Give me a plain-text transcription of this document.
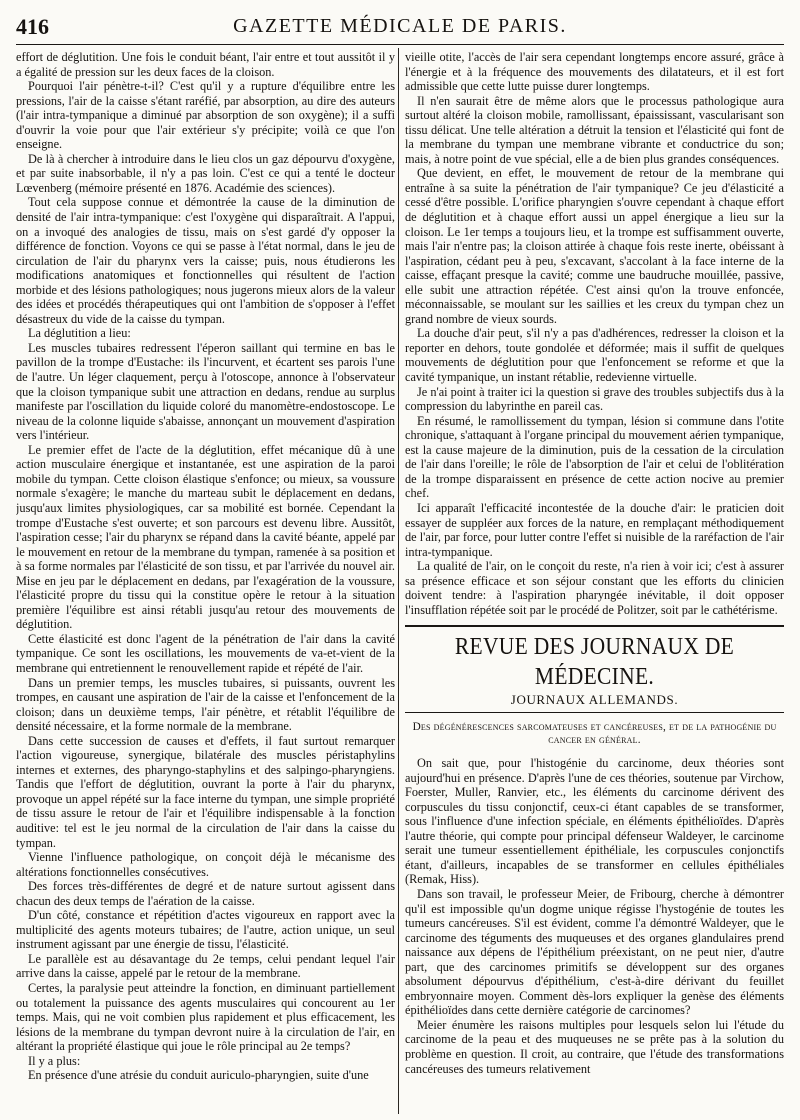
416	GAZETTE MÉDICALE DE PARIS.

effort de déglutition. Une fois le conduit béant, l'air entre et tout aussitôt il y a égalité de pression sur les deux faces de la cloison.

Pourquoi l'air pénètre-t-il? C'est qu'il y a rupture d'équilibre entre les pressions, l'air de la caisse s'étant raréfié, par absorption, au dire des auteurs (l'air intra-tympanique a diminué par absorption de son oxygène); il a suffi d'ouvrir la voie pour que l'air extérieur s'y précipite; voilà ce que l'on enseigne.

De là à chercher à introduire dans le lieu clos un gaz dépourvu d'oxygène, et par suite inabsorbable, il n'y a pas loin. C'est ce qui a tenté le docteur Lœvenberg (mémoire présenté en 1876. Académie des sciences).

Tout cela suppose connue et démontrée la cause de la diminution de densité de l'air intra-tympanique: c'est l'oxygène qui disparaîtrait. A l'appui, on a invoqué des analogies de tissu, mais on s'est gardé d'y opposer la différence de fonction. Voyons ce qui se passe à l'état normal, dans le jeu de circulation de l'air du pharynx vers la caisse; puis, nous étudierons les modifications anatomiques et fonctionnelles qui résultent de l'action morbide et des lésions pathologiques; nous jugerons mieux alors de la valeur des idées et procédés thérapeutiques qui ont l'ambition de s'opposer à l'effet désastreux du vide de la caisse du tympan.

La déglutition a lieu:

Les muscles tubaires redressent l'éperon saillant qui termine en bas le pavillon de la trompe d'Eustache: ils l'incurvent, et écartent ses parois l'une de l'autre. Un léger claquement, perçu à l'otoscope, annonce à l'observateur que la cloison tympanique subit une attraction en dedans, rendue au surplus manifeste par l'oscillation du liquide coloré du manomètre-endostoscope. Le niveau de la colonne liquide s'abaisse, annonçant un mouvement d'aspiration vers l'intérieur.

Le premier effet de l'acte de la déglutition, effet mécanique dû à une action musculaire énergique et instantanée, est une aspiration de la paroi mobile du tympan. Cette cloison élastique s'enfonce; ou mieux, sa voussure normale s'exagère; le manche du marteau subit le déplacement en dedans, jusqu'aux limites physiologiques, car sa mobilité est bornée. Cependant la trompe d'Eustache s'est ouverte; et son parcours est devenu libre. Aussitôt, l'aspiration cesse; l'air du pharynx se répand dans la cavité béante, appelé par le mouvement en retour de la membrane du tympan, ramenée à sa position et à sa forme normales par l'élasticité de son tissu, et par l'arrivée du nouvel air. Mise en jeu par le déplacement en dedans, par l'exagération de la voussure, l'élasticité propre du tissu qui la constitue opère le retour à la situation première l'équilibre est ainsi rétabli jusqu'au retour des mouvements de déglutition.

Cette élasticité est donc l'agent de la pénétration de l'air dans la cavité tympanique. Ce sont les oscillations, les mouvements de va-et-vient de la membrane qui entretiennent le renouvellement rapide et répété de l'air.

Dans un premier temps, les muscles tubaires, si puissants, ouvrent les trompes, en causant une aspiration de l'air de la caisse et l'enfoncement de la cloison; dans un deuxième temps, l'air pénètre, et rétablit l'équilibre de densité nécessaire, et la forme normale de la membrane.

Dans cette succession de causes et d'effets, il faut surtout remarquer l'action vigoureuse, synergique, bilatérale des muscles péristaphylins internes et externes, des pharyngo-staphylins et des salpingo-pharyngiens. Tandis que l'effort de déglutition, ouvrant la porte à l'air du pharynx, provoque un appel répété sur la face interne du tympan, une simple propriété de tissu assure le retour de l'air et l'équilibre indispensable à la fonction auditive: tel est le jeu normal de la circulation de l'air dans la caisse du tympan.

Vienne l'influence pathologique, on conçoit déjà le mécanisme des altérations fonctionnelles consécutives.

Des forces très-différentes de degré et de nature surtout agissent dans chacun des deux temps de l'aération de la caisse.

D'un côté, constance et répétition d'actes vigoureux en rapport avec la multiplicité des agents moteurs tubaires; de l'autre, action unique, un seul instrument agissant par une énergie de tissu, l'élasticité.

Le parallèle est au désavantage du 2e temps, celui pendant lequel l'air arrive dans la caisse, appelé par le retour de la membrane.

Certes, la paralysie peut atteindre la fonction, en diminuant partiellement ou totalement la puissance des agents musculaires qui concourent au 1er temps. Mais, qui ne voit combien plus rapidement et plus efficacement, les lésions de la membrane du tympan devront nuire à la circulation de l'air, en altérant la propriété élastique qui joue le rôle principal au 2e temps?

Il y a plus:

En présence d'une atrésie du conduit auriculo-pharyngien, suite d'une

vieille otite, l'accès de l'air sera cependant longtemps encore assuré, grâce à l'énergie et à la fréquence des mouvements des dilatateurs, et il est fort admissible que cette lutte puisse durer longtemps.

Il n'en saurait être de même alors que le processus pathologique aura surtout altéré la cloison mobile, ramollissant, épaississant, vascularisant son tissu délicat. Une telle altération a détruit la tension et l'élasticité qui font de la membrane du tympan une membrane vibrante et conductrice du son; mais, à notre point de vue spécial, elle a de bien plus grandes conséquences.

Que devient, en effet, le mouvement de retour de la membrane qui entraîne à sa suite la pénétration de l'air tympanique? Ce jeu d'élasticité a cessé d'être possible. L'orifice pharyngien s'ouvre cependant à chaque effort de déglutition et à chaque effort aussi un appel énergique a lieu sur la cloison. Le 1er temps a toujours lieu, et la trompe est suffisamment ouverte, mais l'air n'entre pas; la cloison attirée à chaque fois reste inerte, obéissant à l'aspiration, cédant peu à peu, s'excavant, s'accolant à la face interne de la caisse, effaçant presque la cavité; comme une baudruche mouillée, passive, elle subit une attraction répétée. C'est ainsi qu'on la trouve enfoncée, méconnaissable, se moulant sur les saillies et les creux du tympan chez un grand nombre de vieux sourds.

La douche d'air peut, s'il n'y a pas d'adhérences, redresser la cloison et la reporter en dehors, toute gondolée et déformée; mais il suffit de quelques mouvements de déglutition pour que l'enfoncement se reforme et que la cavité tympanique, un instant rétablie, redevienne virtuelle.

Je n'ai point à traiter ici la question si grave des troubles subjectifs dus à la compression du labyrinthe en pareil cas.

En résumé, le ramollissement du tympan, lésion si commune dans l'otite chronique, s'attaquant à l'organe principal du mouvement aérien tympanique, est la cause majeure de la diminution, puis de la cessation de la circulation de l'air dans l'oreille; le rôle de l'absorption de l'air et celui de l'oblitération de la trompe disparaissent en présence de cette action nocive au premier chef.

Ici apparaît l'efficacité incontestée de la douche d'air: le praticien doit essayer de suppléer aux forces de la nature, en remplaçant méthodiquement de l'air, par force, pour lutter contre l'effet si nuisible de la raréfaction de l'air intra-tympanique.

La qualité de l'air, on le conçoit du reste, n'a rien à voir ici; c'est à assurer sa présence efficace et son séjour constant que les efforts du clinicien doivent tendre: à l'aspiration pharyngée inévitable, il doit opposer l'insufflation répétée soit par le procédé de Politzer, soit par le cathétérisme.

REVUE DES JOURNAUX DE MÉDECINE.
JOURNAUX ALLEMANDS.
Des dégénérescences sarcomateuses et cancéreuses, et de la pathogénie du cancer en général.

On sait que, pour l'histogénie du carcinome, deux théories sont aujourd'hui en présence. D'après l'une de ces théories, soutenue par Virchow, Foerster, Muller, Ranvier, etc., les éléments du carcinome dérivent des corpuscules du tissu conjonctif, ceux-ci étant capables de se transformer, sous l'influence d'une infection spéciale, en éléments épithélioïdes. D'après l'autre théorie, qui compte pour principal défenseur Waldeyer, le carcinome serait une tumeur essentiellement épithéliale, les corpuscules conjonctifs étant, d'ailleurs, incapables de se transformer en cellules épithéliales (Remak, Hiss).

Dans son travail, le professeur Meier, de Fribourg, cherche à démontrer qu'il est impossible qu'un dogme unique régisse l'hystogénie de toutes les tumeurs cancéreuses. S'il est évident, comme l'a démontré Waldeyer, que le carcinome des téguments des muqueuses et des organes glandulaires prend naissance aux dépens de l'épithélium préexistant, on ne peut nier, d'autre part, que des carcinomes primitifs se développent sur des organes absolument dépourvus d'épithélium, c'est-à-dire dérivant du feuillet embryonnaire moyen. Comment dès-lors expliquer la genèse des éléments épithélioïdes dans cette dernière catégorie de carcinomes?

Meier énumère les raisons multiples pour lesquels selon lui l'étude du carcinome de la peau et des muqueuses ne se prête pas à la solution du problème en question. Il croit, au contraire, que l'étude des transformations cancéreuses des tumeurs relativement
